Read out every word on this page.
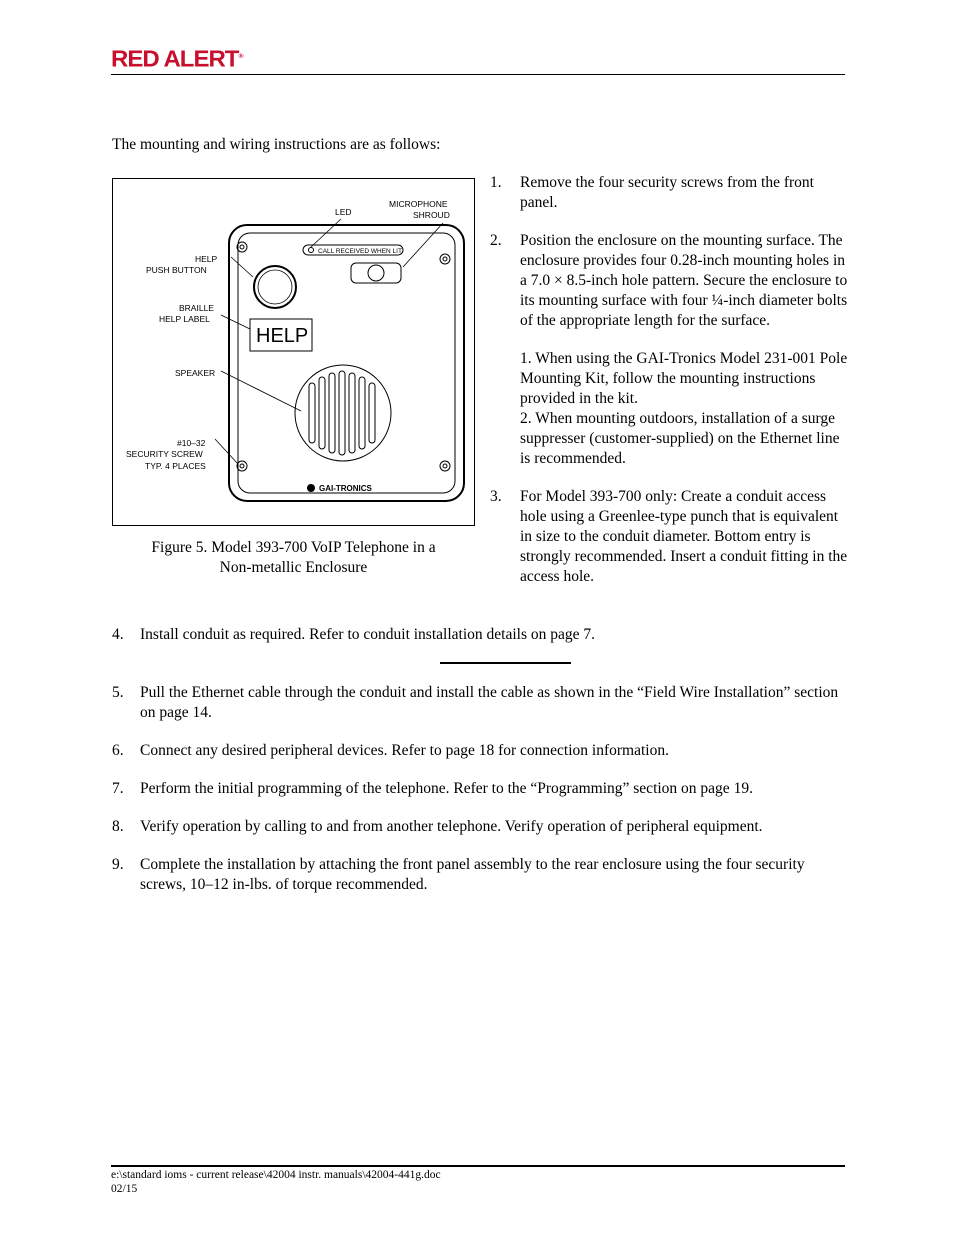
RED ALERT®
The mounting and wiring instructions are as follows:
CALL RECEIVED WHEN LIT
HELP
GAI-TRONICS
LED
MICROPHONE
SHROUD
HELP
PUSH BUTTON
BRAILLE
HELP LABEL
SPEAKER
#10–32
SECURITY SCREW
TYP. 4 PLACES
Figure 5. Model 393-700 VoIP Telephone in a
Non-metallic Enclosure
1. Remove the four security screws from the front panel.
2. Position the enclosure on the mounting surface. The enclosure provides four 0.28-inch mounting holes in a 7.0 × 8.5-inch hole pattern. Secure the enclosure to its mounting surface with four ¼-inch diameter bolts of the appropriate length for the surface.
1. When using the GAI-Tronics Model 231-001 Pole Mounting Kit, follow the mounting instructions provided in the kit.
2. When mounting outdoors, installation of a surge suppresser (customer-supplied) on the Ethernet line is recommended.
3. For Model 393-700 only: Create a conduit access hole using a Greenlee-type punch that is equivalent in size to the conduit diameter. Bottom entry is strongly recommended. Insert a conduit fitting in the access hole.
4. Install conduit as required. Refer to conduit installation details on page 7.
5. Pull the Ethernet cable through the conduit and install the cable as shown in the “Field Wire Installation” section on page 14.
6. Connect any desired peripheral devices. Refer to page 18 for connection information.
7. Perform the initial programming of the telephone. Refer to the “Programming” section on page 19.
8. Verify operation by calling to and from another telephone. Verify operation of peripheral equipment.
9. Complete the installation by attaching the front panel assembly to the rear enclosure using the four security screws, 10–12 in-lbs. of torque recommended.
e:\standard ioms - current release\42004 instr. manuals\42004-441g.doc
02/15
